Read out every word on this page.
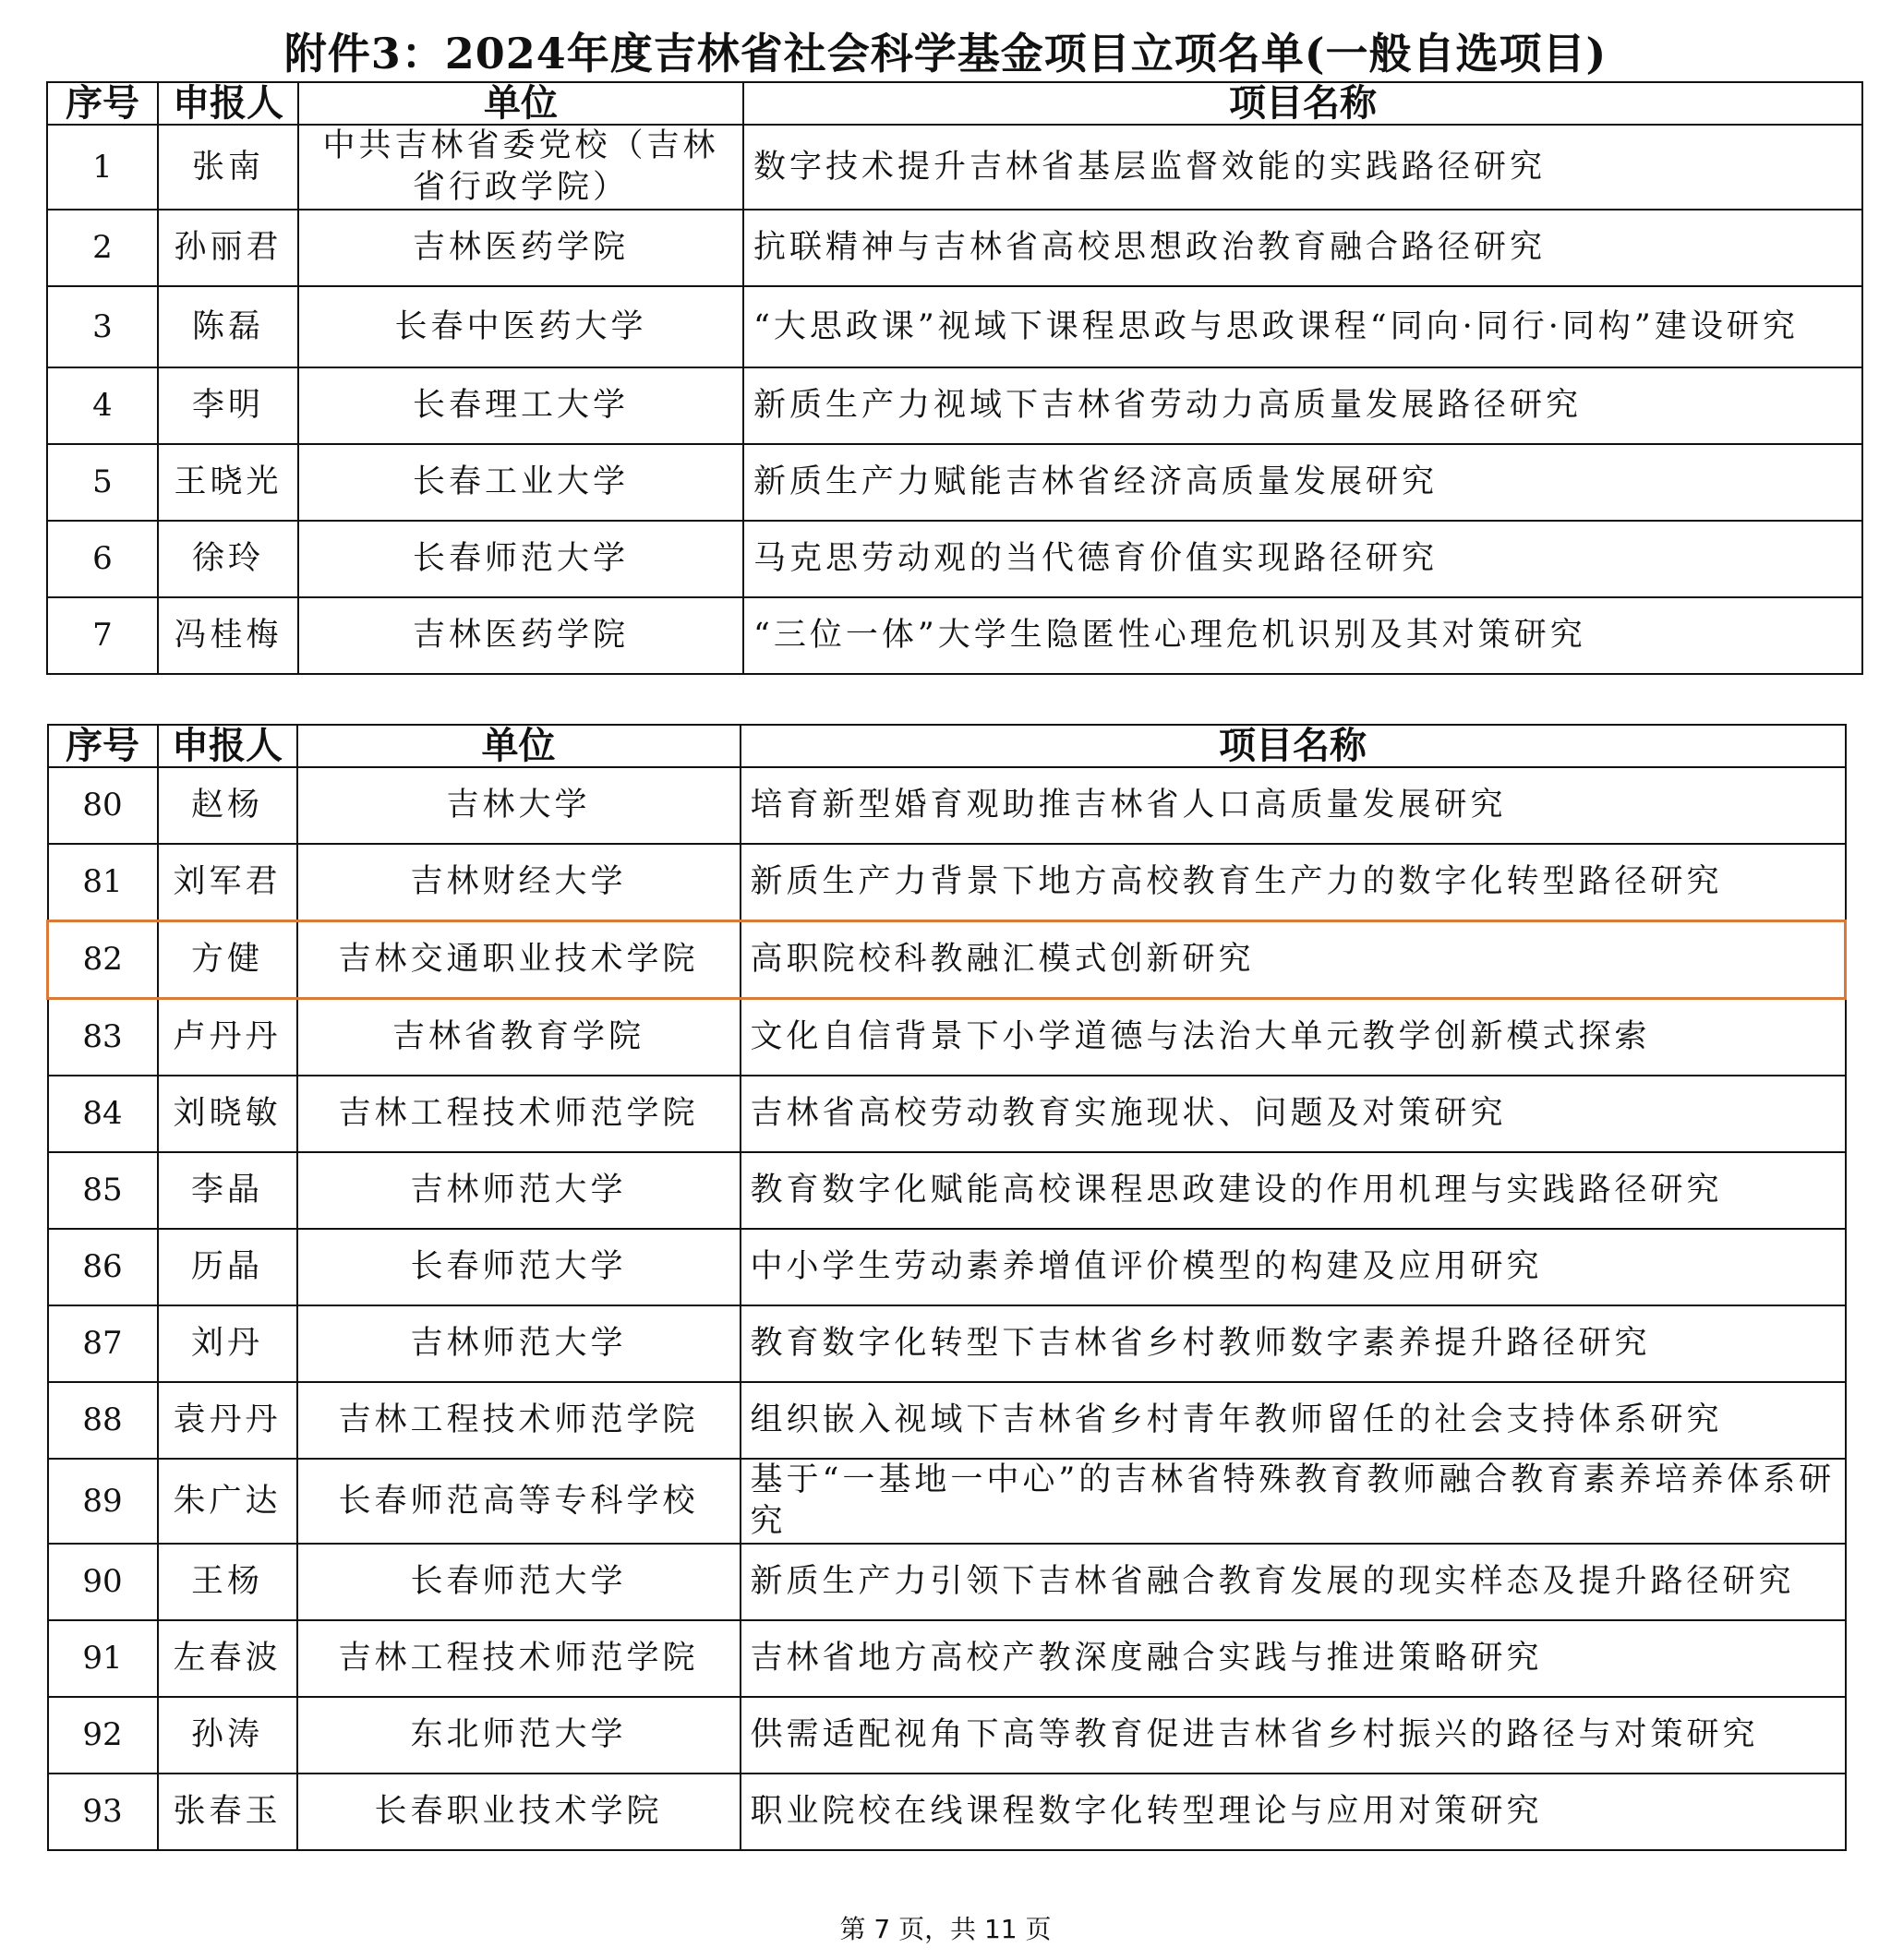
附件3：2024年度吉林省社会科学基金项目立项名单(一般自选项目)
序号	申报人	单位	项目名称
1	张南	中共吉林省委党校（吉林省行政学院）	数字技术提升吉林省基层监督效能的实践路径研究
2	孙丽君	吉林医药学院	抗联精神与吉林省高校思想政治教育融合路径研究
3	陈磊	长春中医药大学	“大思政课”视域下课程思政与思政课程“同向·同行·同构”建设研究
4	李明	长春理工大学	新质生产力视域下吉林省劳动力高质量发展路径研究
5	王晓光	长春工业大学	新质生产力赋能吉林省经济高质量发展研究
6	徐玲	长春师范大学	马克思劳动观的当代德育价值实现路径研究
7	冯桂梅	吉林医药学院	“三位一体”大学生隐匿性心理危机识别及其对策研究
序号	申报人	单位	项目名称
80	赵杨	吉林大学	培育新型婚育观助推吉林省人口高质量发展研究
81	刘军君	吉林财经大学	新质生产力背景下地方高校教育生产力的数字化转型路径研究
82	方健	吉林交通职业技术学院	高职院校科教融汇模式创新研究
83	卢丹丹	吉林省教育学院	文化自信背景下小学道德与法治大单元教学创新模式探索
84	刘晓敏	吉林工程技术师范学院	吉林省高校劳动教育实施现状、问题及对策研究
85	李晶	吉林师范大学	教育数字化赋能高校课程思政建设的作用机理与实践路径研究
86	历晶	长春师范大学	中小学生劳动素养增值评价模型的构建及应用研究
87	刘丹	吉林师范大学	教育数字化转型下吉林省乡村教师数字素养提升路径研究
88	袁丹丹	吉林工程技术师范学院	组织嵌入视域下吉林省乡村青年教师留任的社会支持体系研究
89	朱广达	长春师范高等专科学校	基于“一基地一中心”的吉林省特殊教育教师融合教育素养培养体系研究
90	王杨	长春师范大学	新质生产力引领下吉林省融合教育发展的现实样态及提升路径研究
91	左春波	吉林工程技术师范学院	吉林省地方高校产教深度融合实践与推进策略研究
92	孙涛	东北师范大学	供需适配视角下高等教育促进吉林省乡村振兴的路径与对策研究
93	张春玉	长春职业技术学院	职业院校在线课程数字化转型理论与应用对策研究
第 7 页，共 11 页
